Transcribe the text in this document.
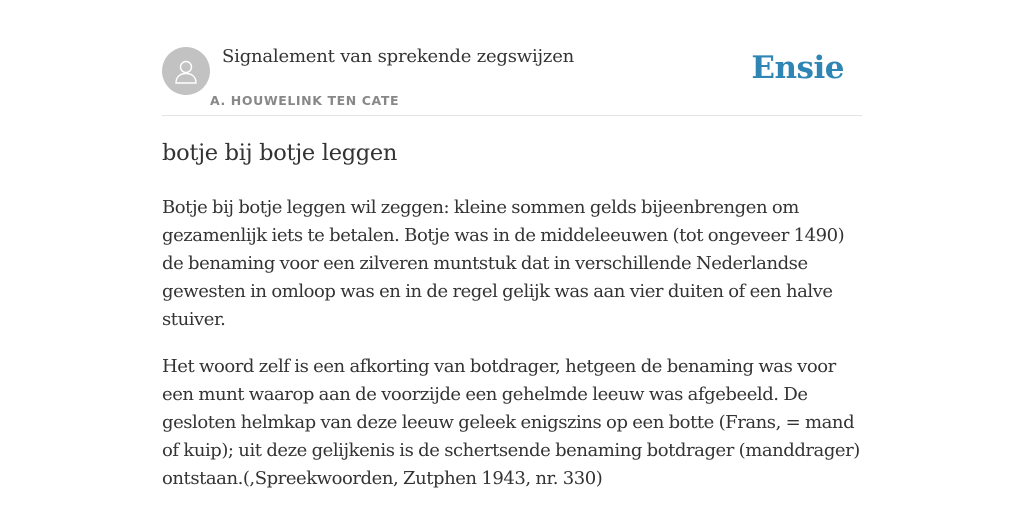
Signalement van sprekende zegswijzen
A. HOUWELINK TEN CATE
Ensie
botje bij botje leggen

Botje bij botje leggen wil zeggen: kleine sommen gelds bijeenbrengen om gezamenlijk iets te betalen. Botje was in de middeleeuwen (tot ongeveer 1490) de benaming voor een zilveren muntstuk dat in verschillende Nederlandse gewesten in omloop was en in de regel gelijk was aan vier duiten of een halve stuiver.

Het woord zelf is een afkorting van botdrager, hetgeen de benaming was voor een munt waarop aan de voorzijde een gehelmde leeuw was afgebeeld. De gesloten helmkap van deze leeuw geleek enigszins op een botte (Frans, = mand of kuip); uit deze gelijkenis is de schertsende benaming botdrager (manddrager) ontstaan.(,Spreekwoorden, Zutphen 1943, nr. 330)
